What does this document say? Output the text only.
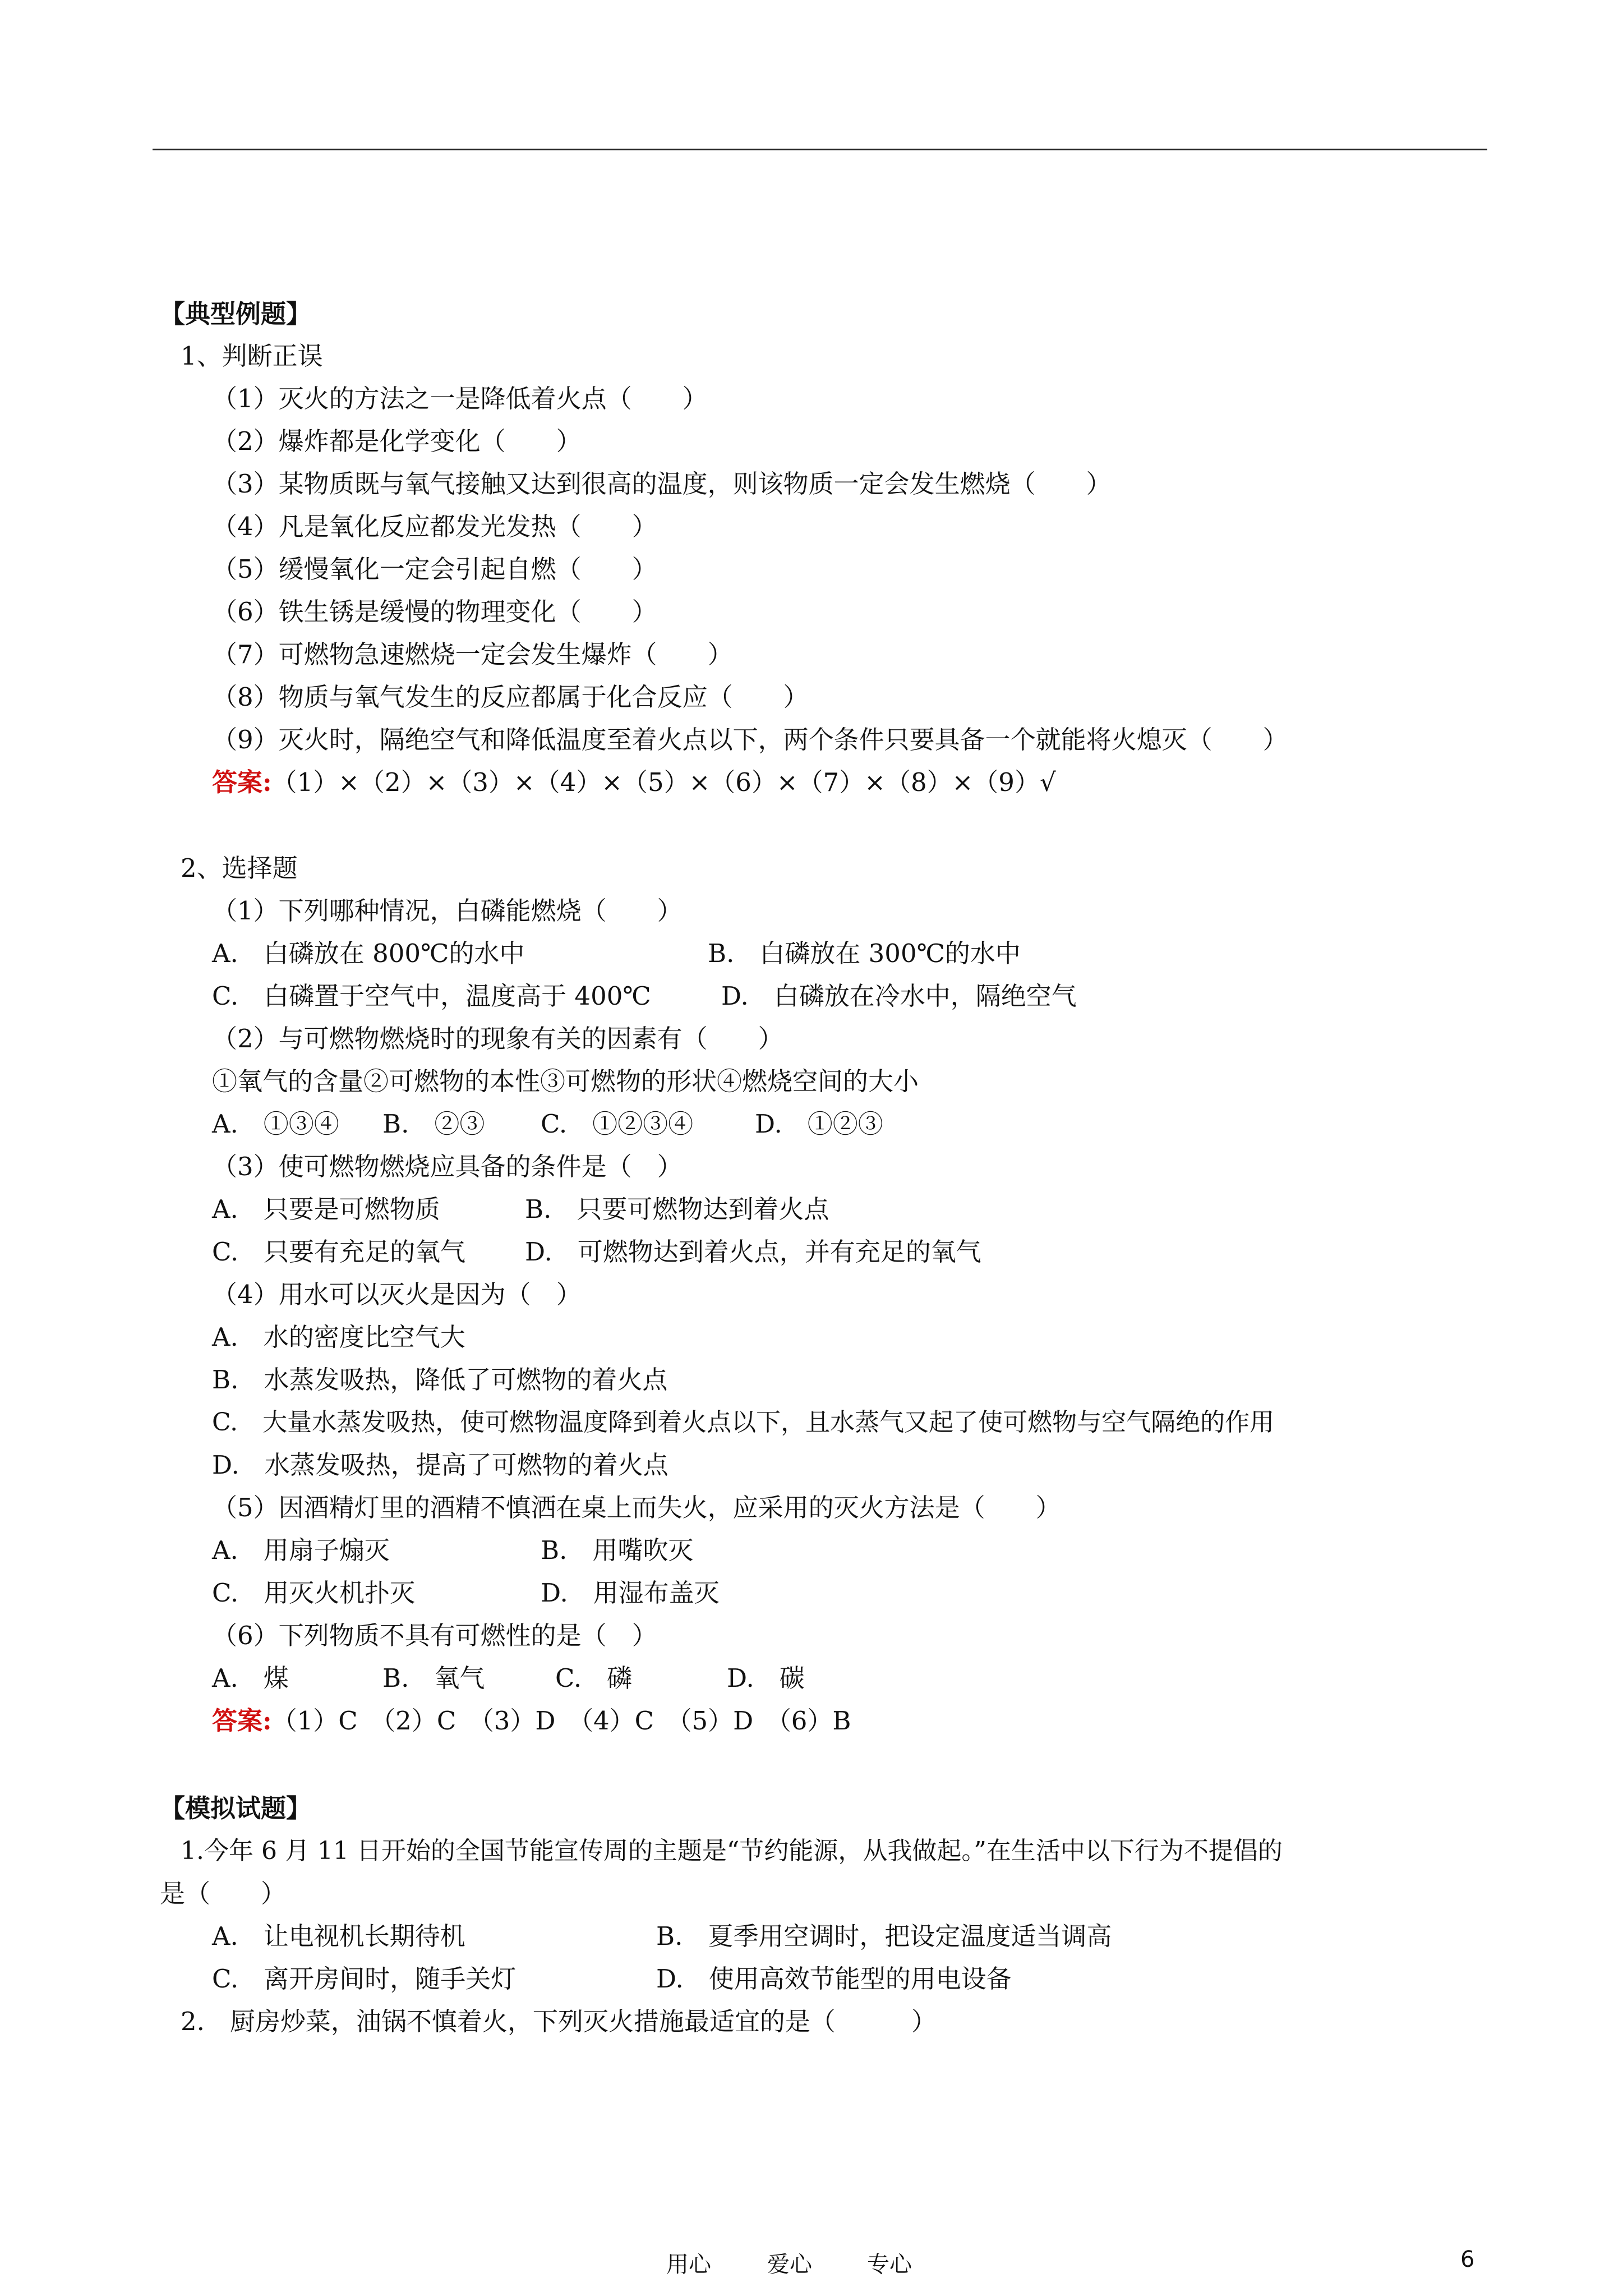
【典型例题】
1、判断正误
（1）灭火的方法之一是降低着火点（　　）
（2）爆炸都是化学变化（　　）
（3）某物质既与氧气接触又达到很高的温度，则该物质一定会发生燃烧（　　）
（4）凡是氧化反应都发光发热（　　）
（5）缓慢氧化一定会引起自燃（　　）
（6）铁生锈是缓慢的物理变化（　　）
（7）可燃物急速燃烧一定会发生爆炸（　　）
（8）物质与氧气发生的反应都属于化合反应（　　）
（9）灭火时，隔绝空气和降低温度至着火点以下，两个条件只要具备一个就能将火熄灭（　　）
答案:（1）×（2）×（3）×（4）×（5）×（6）×（7）×（8）×（9）√
2、选择题
（1）下列哪种情况，白磷能燃烧（　　）
A.　白磷放在 800℃的水中	B.　白磷放在 300℃的水中
C.　白磷置于空气中，温度高于 400℃	D.　白磷放在冷水中，隔绝空气
（2）与可燃物燃烧时的现象有关的因素有（　　）
①氧气的含量②可燃物的本性③可燃物的形状④燃烧空间的大小
A.　①③④ B.　②③ C.　①②③④ D.　①②③
（3）使可燃物燃烧应具备的条件是（　）
A.　只要是可燃物质	B.　只要可燃物达到着火点
C.　只要有充足的氧气 D.　可燃物达到着火点，并有充足的氧气
（4）用水可以灭火是因为（　）
A.　水的密度比空气大
B.　水蒸发吸热，降低了可燃物的着火点
C.　大量水蒸发吸热，使可燃物温度降到着火点以下，且水蒸气又起了使可燃物与空气隔绝的作用
D.　水蒸发吸热，提高了可燃物的着火点
（5）因酒精灯里的酒精不慎洒在桌上而失火，应采用的灭火方法是（　　）
A.　用扇子煽灭	B.　用嘴吹灭
C.　用灭火机扑灭	D.　用湿布盖灭
（6）下列物质不具有可燃性的是（　）
A.　煤	B.　氧气	C.　磷	D.　碳
答案:（1）C　（2）C　（3）D　（4）C　（5）D　（6）B
【模拟试题】
1.今年 6 月 11 日开始的全国节能宣传周的主题是“节约能源，从我做起。”在生活中以下行为不提倡的
是（　　）
A.　让电视机长期待机	B.　夏季用空调时，把设定温度适当调高
C.　离开房间时，随手关灯	D.　使用高效节能型的用电设备
2.　厨房炒菜，油锅不慎着火，下列灭火措施最适宜的是（　　　）
用心	爱心 专心	6
